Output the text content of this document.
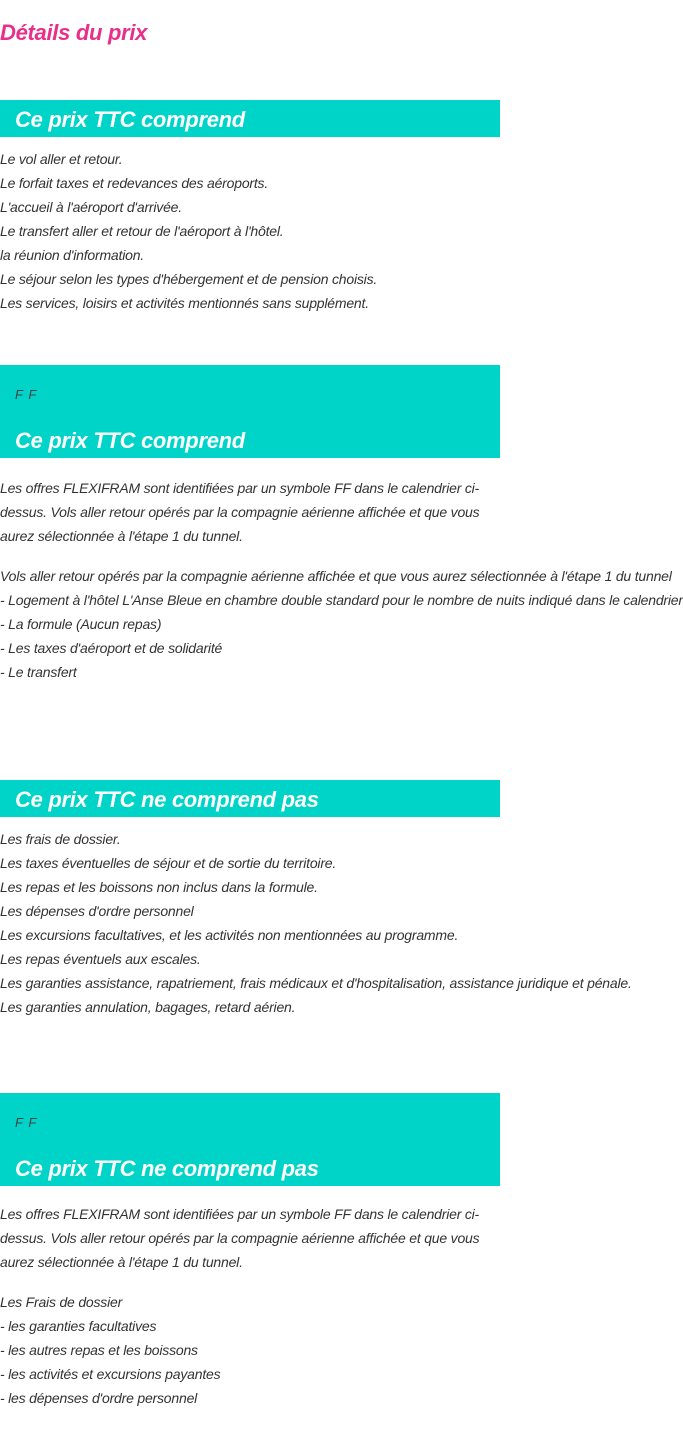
Détails du prix
Ce prix TTC comprend
Le vol aller et retour.
Le forfait taxes et redevances des aéroports.
L'accueil à l'aéroport d'arrivée.
Le transfert aller et retour de l'aéroport à l'hôtel.
la réunion d'information.
Le séjour selon les types d'hébergement et de pension choisis.
Les services, loisirs et activités mentionnés sans supplément.
F F
Ce prix TTC comprend

Les offres FLEXIFRAM sont identifiées par un symbole FF dans le calendrier ci-dessus. Vols aller retour opérés par la compagnie aérienne affichée et que vous aurez sélectionnée à l'étape 1 du tunnel.

Vols aller retour opérés par la compagnie aérienne affichée et que vous aurez sélectionnée à l'étape 1 du tunnel
- Logement à l'hôtel L'Anse Bleue en chambre double standard pour le nombre de nuits indiqué dans le calendrier
- La formule (Aucun repas)
- Les taxes d'aéroport et de solidarité
- Le transfert
Ce prix TTC ne comprend pas
Les frais de dossier.
Les taxes éventuelles de séjour et de sortie du territoire.
Les repas et les boissons non inclus dans la formule.
Les dépenses d'ordre personnel
Les excursions facultatives, et les activités non mentionnées au programme.
Les repas éventuels aux escales.
Les garanties assistance, rapatriement, frais médicaux et d'hospitalisation, assistance juridique et pénale.
Les garanties annulation, bagages, retard aérien.
F F
Ce prix TTC ne comprend pas

Les offres FLEXIFRAM sont identifiées par un symbole FF dans le calendrier ci-dessus. Vols aller retour opérés par la compagnie aérienne affichée et que vous aurez sélectionnée à l'étape 1 du tunnel.

Les Frais de dossier
- les garanties facultatives
- les autres repas et les boissons
- les activités et excursions payantes
- les dépenses d'ordre personnel
